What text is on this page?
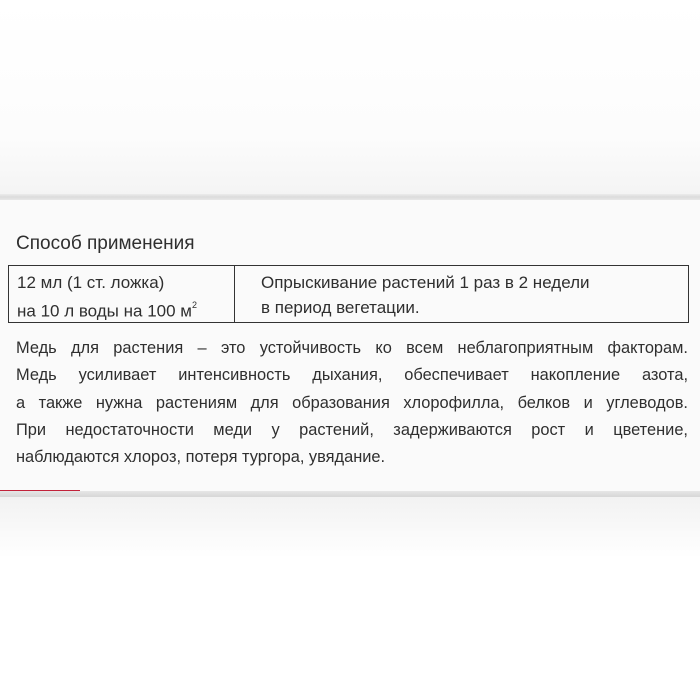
Способ применения
12 мл (1 ст. ложка)
на 10 л воды на 100 $м^2$
Опрыскивание растений 1 раз в 2 недели
в период вегетации.
Медь для растения – это устойчивость ко всем неблагоприятным факторам.
Медь усиливает интенсивность дыхания, обеспечивает накопление азота,
а также нужна растениям для образования хлорофилла, белков и углеводов.
При недостаточности меди у растений, задерживаются рост и цветение,
наблюдаются хлороз, потеря тургора, увядание.
